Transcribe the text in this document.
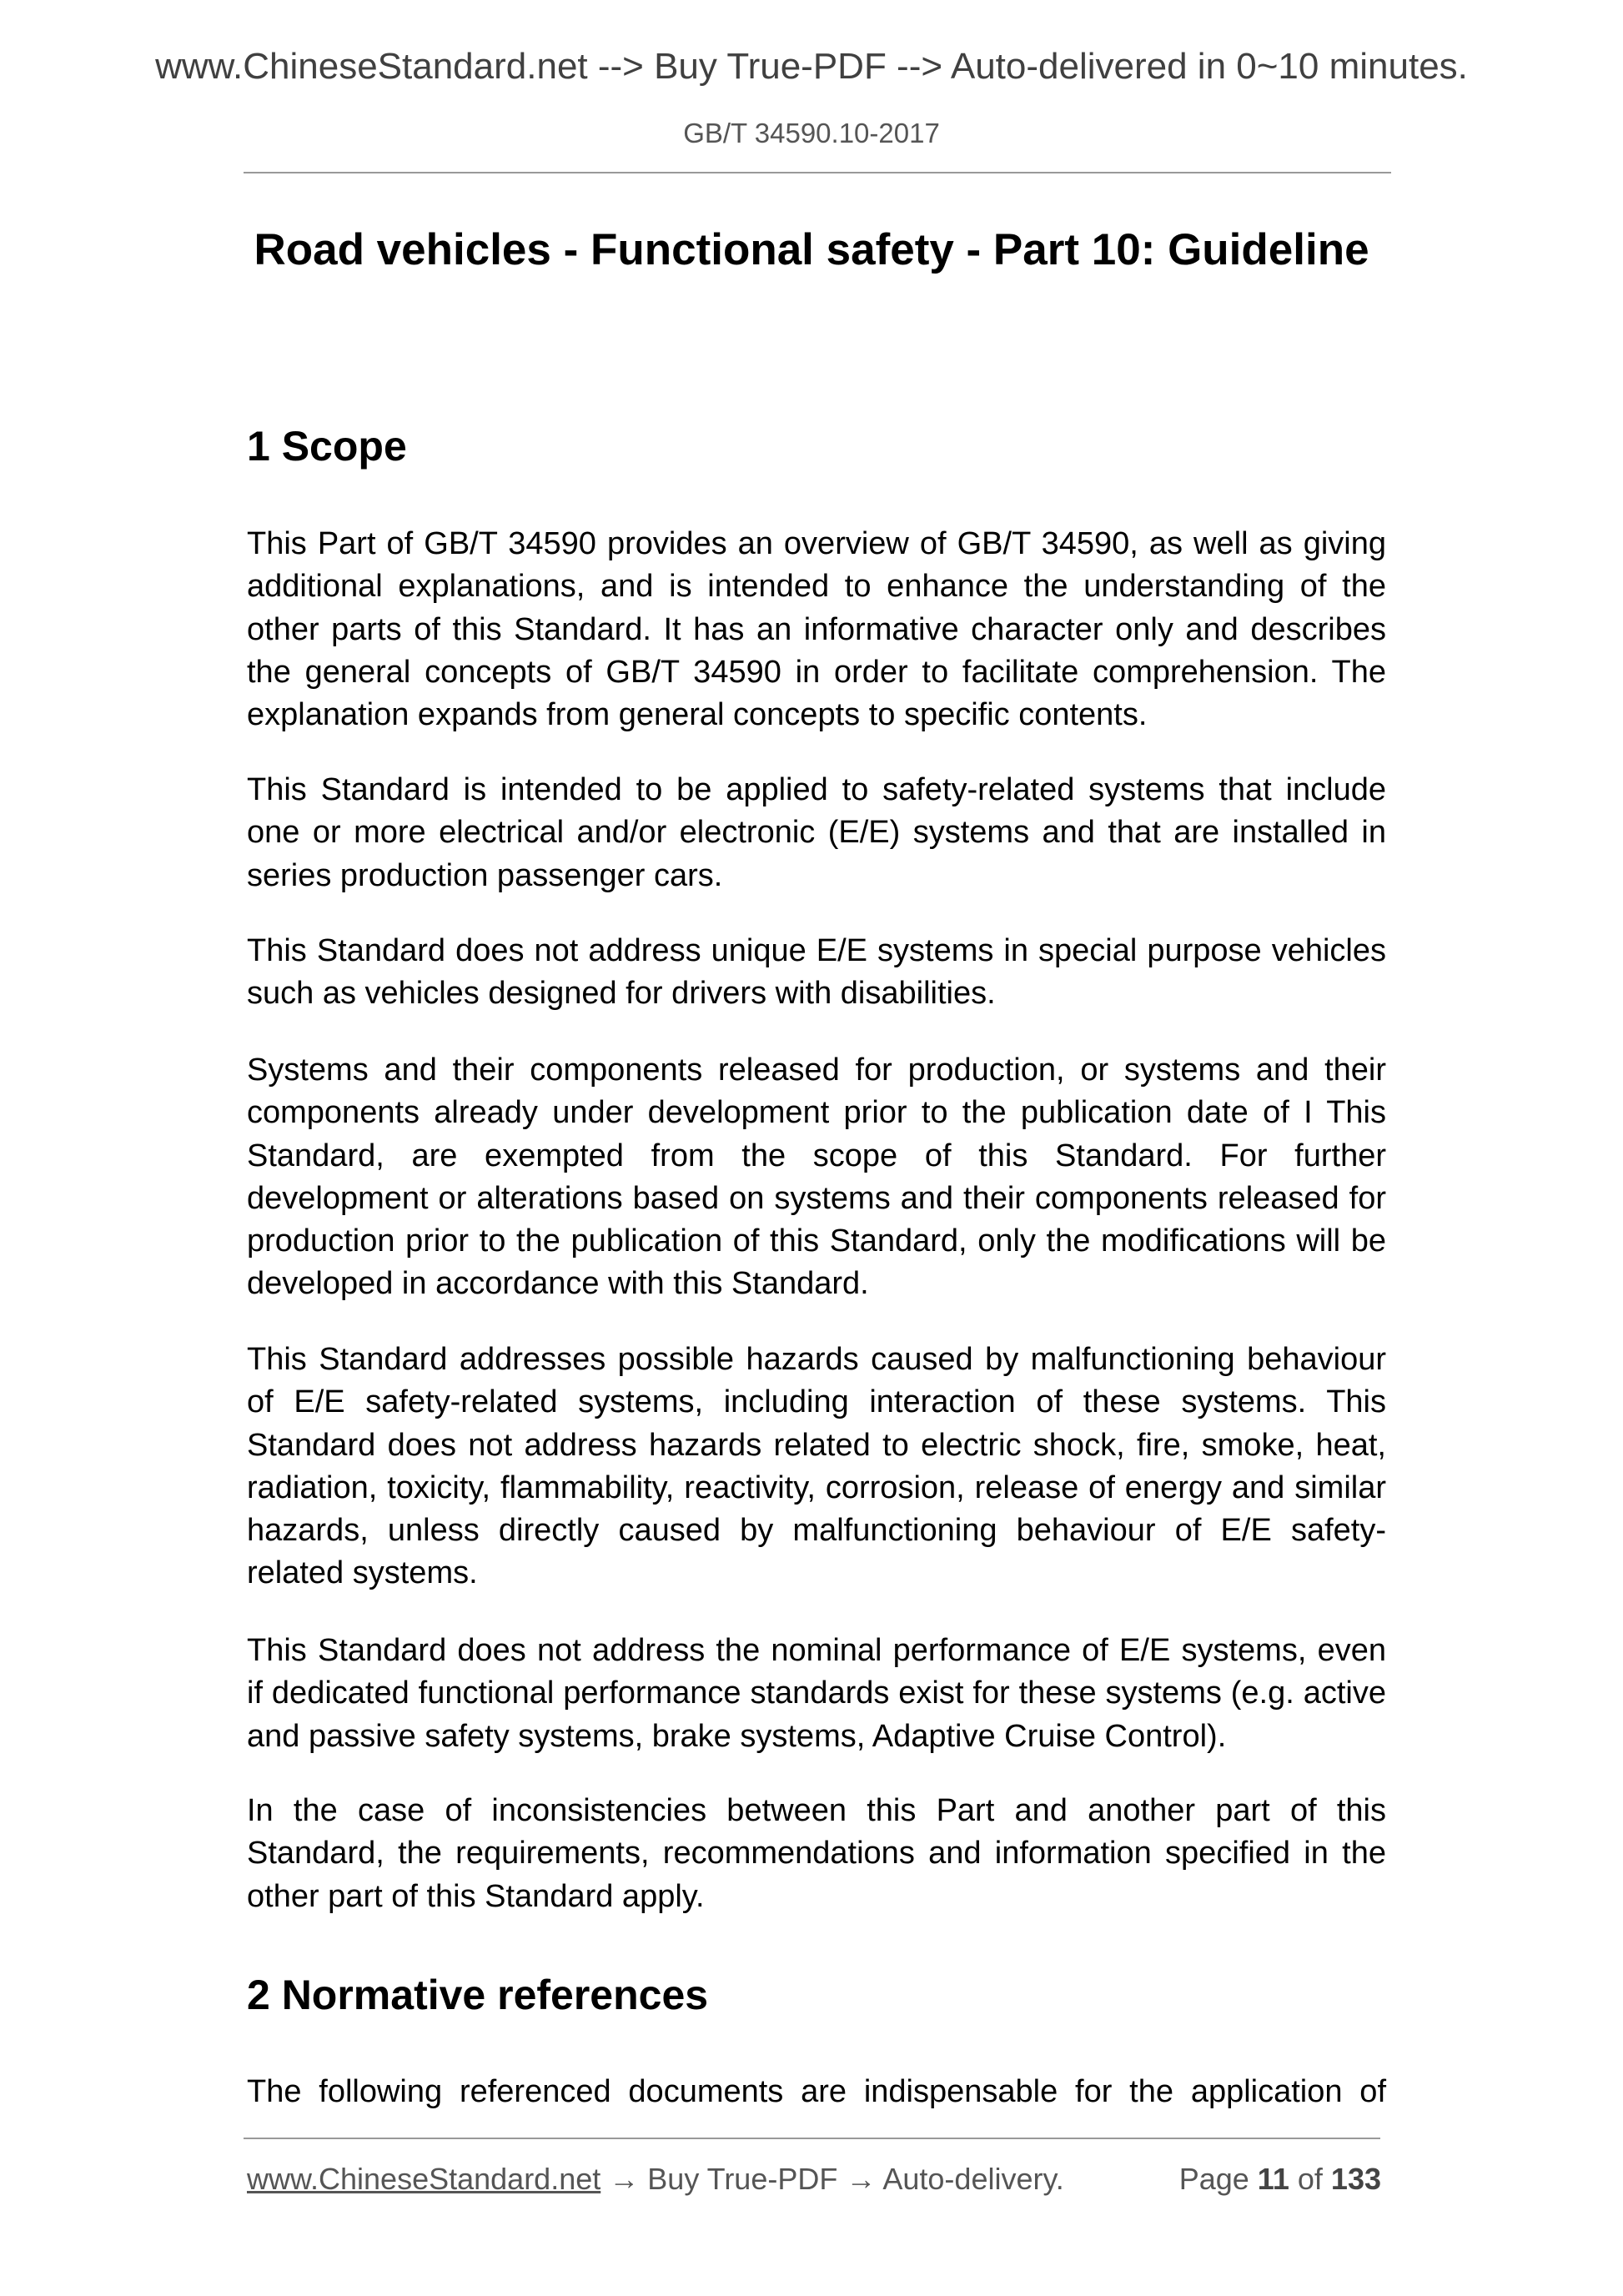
www.ChineseStandard.net --> Buy True-PDF --> Auto-delivered in 0~10 minutes.
GB/T 34590.10-2017
Road vehicles - Functional safety - Part 10: Guideline
1 Scope

This Part of GB/T 34590 provides an overview of GB/T 34590, as well as giving additional explanations, and is intended to enhance the understanding of the other parts of this Standard. It has an informative character only and describes the general concepts of GB/T 34590 in order to facilitate comprehension. The explanation expands from general concepts to specific contents.

This Standard is intended to be applied to safety-related systems that include one or more electrical and/or electronic (E/E) systems and that are installed in series production passenger cars.

This Standard does not address unique E/E systems in special purpose vehicles such as vehicles designed for drivers with disabilities.

Systems and their components released for production, or systems and their components already under development prior to the publication date of I This Standard, are exempted from the scope of this Standard. For further development or alterations based on systems and their components released for production prior to the publication of this Standard, only the modifications will be developed in accordance with this Standard.

This Standard addresses possible hazards caused by malfunctioning behaviour of E/E safety-related systems, including interaction of these systems. This Standard does not address hazards related to electric shock, fire, smoke, heat, radiation, toxicity, flammability, reactivity, corrosion, release of energy and similar hazards, unless directly caused by malfunctioning behaviour of E/E safety-related systems.

This Standard does not address the nominal performance of E/E systems, even if dedicated functional performance standards exist for these systems (e.g. active and passive safety systems, brake systems, Adaptive Cruise Control).

In the case of inconsistencies between this Part and another part of this Standard, the requirements, recommendations and information specified in the other part of this Standard apply.

2 Normative references

The following referenced documents are indispensable for the application of

www.ChineseStandard.net → Buy True-PDF → Auto-delivery.	Page 11 of 133
